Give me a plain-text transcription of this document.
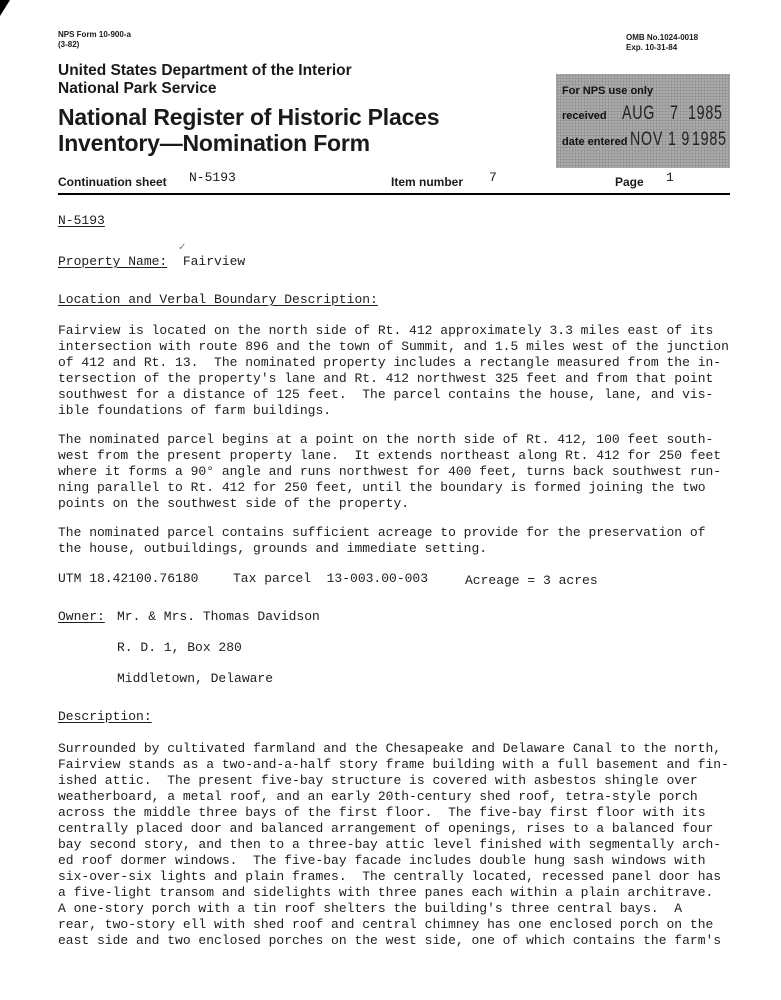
NPS Form 10-900-a
(3-82)
OMB No.1024-0018
Exp. 10-31-84
United States Department of the Interior
National Park Service
National Register of Historic Places
Inventory—Nomination Form
For NPS use only
received AUG 7 1985
date entered NOV 1 9 1985
Continuation sheet N-5193	Item number 7	Page 1
N-5193
Property Name: Fairview
✓
Location and Verbal Boundary Description:
Fairview is located on the north side of Rt. 412 approximately 3.3 miles east of its
intersection with route 896 and the town of Summit, and 1.5 miles west of the junction
of 412 and Rt. 13.  The nominated property includes a rectangle measured from the in-
tersection of the property's lane and Rt. 412 northwest 325 feet and from that point
southwest for a distance of 125 feet.  The parcel contains the house, lane, and vis-
ible foundations of farm buildings.
The nominated parcel begins at a point on the north side of Rt. 412, 100 feet south-
west from the present property lane.  It extends northeast along Rt. 412 for 250 feet
where it forms a 90° angle and runs northwest for 400 feet, turns back southwest run-
ning parallel to Rt. 412 for 250 feet, until the boundary is formed joining the two
points on the southwest side of the property.
The nominated parcel contains sufficient acreage to provide for the preservation of
the house, outbuildings, grounds and immediate setting.
UTM 18.42100.76180	Tax parcel  13-003.00-003	Acreage = 3 acres
Owner: Mr. & Mrs. Thomas Davidson
R. D. 1, Box 280
Middletown, Delaware
Description:
Surrounded by cultivated farmland and the Chesapeake and Delaware Canal to the north,
Fairview stands as a two-and-a-half story frame building with a full basement and fin-
ished attic.  The present five-bay structure is covered with asbestos shingle over
weatherboard, a metal roof, and an early 20th-century shed roof, tetra-style porch
across the middle three bays of the first floor.  The five-bay first floor with its
centrally placed door and balanced arrangement of openings, rises to a balanced four
bay second story, and then to a three-bay attic level finished with segmentally arch-
ed roof dormer windows.  The five-bay facade includes double hung sash windows with
six-over-six lights and plain frames.  The centrally located, recessed panel door has
a five-light transom and sidelights with three panes each within a plain architrave.
A one-story porch with a tin roof shelters the building's three central bays.  A
rear, two-story ell with shed roof and central chimney has one enclosed porch on the
east side and two enclosed porches on the west side, one of which contains the farm's
